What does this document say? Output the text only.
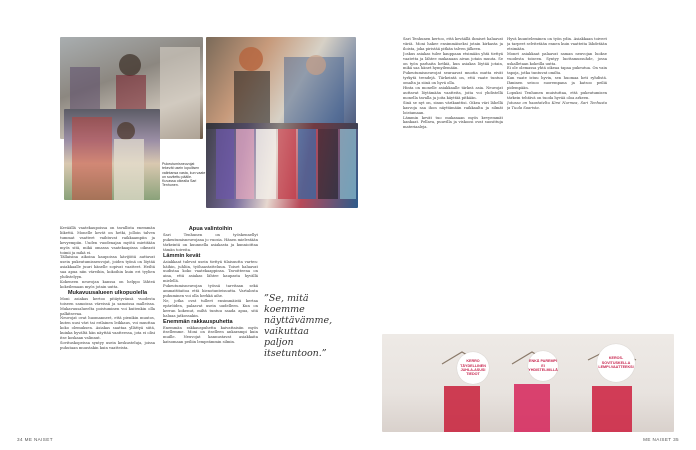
KERRO TÄYDELLINEN JUHLA-ASUSI TIEDOT
ENKÄ PAREMPI EI YHDISTELMILLÄ
KEROS-SOVITUSKELLA LEMPI-VAATTEEKSI
Pukeutumisneuvojat tekevät usein lopullisen valintansa vasta, kun vaate on sovitettu päälle. Kuvassa oikealla Sari Tenhunen.

Keväällä vaatekaupoissa on tavallista enemmän liikettä. Monelle kevät on hetki, jolloin talven tummat vaatteet vaihtuvat raikkaampiin ja kevyempiin. Uuden vuodenajan myötä mietitään myös sitä, mikä omassa vaatekaapissa oikeasti toimii ja mikä ei.

Tällaisina aikoina kaupoissa kävijöitä auttavat usein pukeutumisneuvojat, joiden työnä on löytää asiakkaalle juuri hänelle sopivat vaatteet. Heiltä saa apua niin väreihin, kokoihin kuin eri tyylien yhdistelyyn.

Kokeneen neuvojan kanssa on helppo lähteä kokeilemaan myös jotain uutta.

Mukavuusalueen ulkopuolella

Moni asiakas kertoo pitäytyvänsä vuodesta toiseen samoissa väreissä ja samoissa malleissa. Mukavuusalueelta poistuminen voi kuitenkin olla palkitsevaa.

Neuvojat ovat huomanneet, että pienikin muutos, kuten uusi väri tai erilainen leikkaus, voi muuttaa koko olemuksen. Asiakas saattaa yllättyä siitä, kuinka hyvältä hän näyttää vaatteessa, jota ei olisi itse koskaan valinnut.

Sovituskopeissa syntyy usein keskusteluja, joissa puhutaan muustakin kuin vaatteista.

Apua valintoihin

Sari Tenhunen on työskennellyt pukeutumisneuvojana jo vuosia. Hänen mielestään tärkeintä on kuunnella asiakasta ja kunnioittaa tämän toiveita.

Lämmin kevät

Asiakkaat tulevat usein tiettyä tilaisuutta varten: häihin, juhliin, työhaastatteluun. Toiset haluavat uudistaa koko vaatekaappinsa. Tavoitteena on aina, että asiakas lähtee kaupasta hyvällä mielellä.

Pukeutumisneuvojan työssä tarvitaan sekä ammattitaitoa että hienotunteisuutta. Vartalosta puhuminen voi olla herkkä aihe.

Ne, jotka ovat tulleet ensimmäistä kertaa epäröiden, palaavat usein uudelleen. Kun on kerran kokenut, miltä tuntuu saada apua, sitä haluaa jatkossakin.

Enemmän rakkauspuhetta

Enemmän rakkauspuhetta kaivattaisiin myös itsellemme. Moni on itselleen ankarampi kuin muille. Neuvojat kannustavat asiakkaita katsomaan peiliin lempeämmin silmin.

”Se, mitä koemme näyttävämme, vaikuttaa paljon itsetuntoon.”

Sari Tenhunen kertoo, että keväällä ihmiset haluavat väriä. Moni hakee ensimmäiseksi jotain kirkasta ja iloista, joka piristää pitkän talven jälkeen.

Joskus asiakas tulee kauppaan etsimään yhtä tiettyä vaatetta ja lähtee mukanaan aivan jotain muuta. Se on työn parhaita hetkiä, kun asiakas löytää jotain, mikä saa hänet hymyilemään.

Pukeutumisneuvojat seuraavat muotia mutta eivät tyrkytä trendejä. Tärkeintä on, että vaate tuntuu omalta ja siinä on hyvä olla.

Hinta on monelle asiakkaalle tärkeä asia. Neuvojat auttavat löytämään vaatteita, joita voi yhdistellä monella tavalla ja joita käyttää pitkään.

Sinä se nyt on, sinun värikanttisi. Oikea väri lähellä kasvoja saa ihon näyttämään raikkaalta ja silmät loistamaan.

Lämmin kevät tuo mukanaan myös kevyemmät kankaat. Pellava, puuvilla ja viskoosi ovat suosittuja materiaaleja.

Hyvä kuunteleminen on työn ydin. Asiakkaan toiveet ja tarpeet selvitetään ennen kuin vaatteita lähdetään etsimään.

Monet asiakkaat palaavat saman neuvojan luokse vuodesta toiseen. Syntyy luottamussuhde, jossa uskalletaan kokeilla uutta.

Ei ole olemassa yhtä oikeaa tapaa pukeutua. On vain tapoja, jotka tuntuvat omilta.

Kun vaate istuu hyvin, sen huomaa heti ryhdistä. Ihminen seisoo suorempana ja katsoo peiliä pidempään.

Lopuksi Tenhunen muistuttaa, että pukeutumisen tärkein tehtävä on tuoda hyvää oloa arkeen.

Jutussa on haastateltu Kirsi Nurmea, Sari Tenhusta ja Tuula Saarista.

34 ME NAISET	ME NAISET 35
